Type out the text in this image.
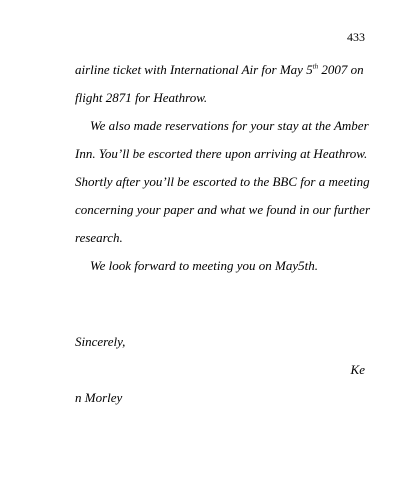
433
airline ticket with International Air for May 5th 2007 on
flight 2871 for Heathrow.
We also made reservations for your stay at the Amber
Inn. You’ll be escorted there upon arriving at Heathrow.
Shortly after you’ll be escorted to the BBC for a meeting
concerning your paper and what we found in our further
research.
We look forward to meeting you on May5th.
Sincerely,
Ke
n Morley
